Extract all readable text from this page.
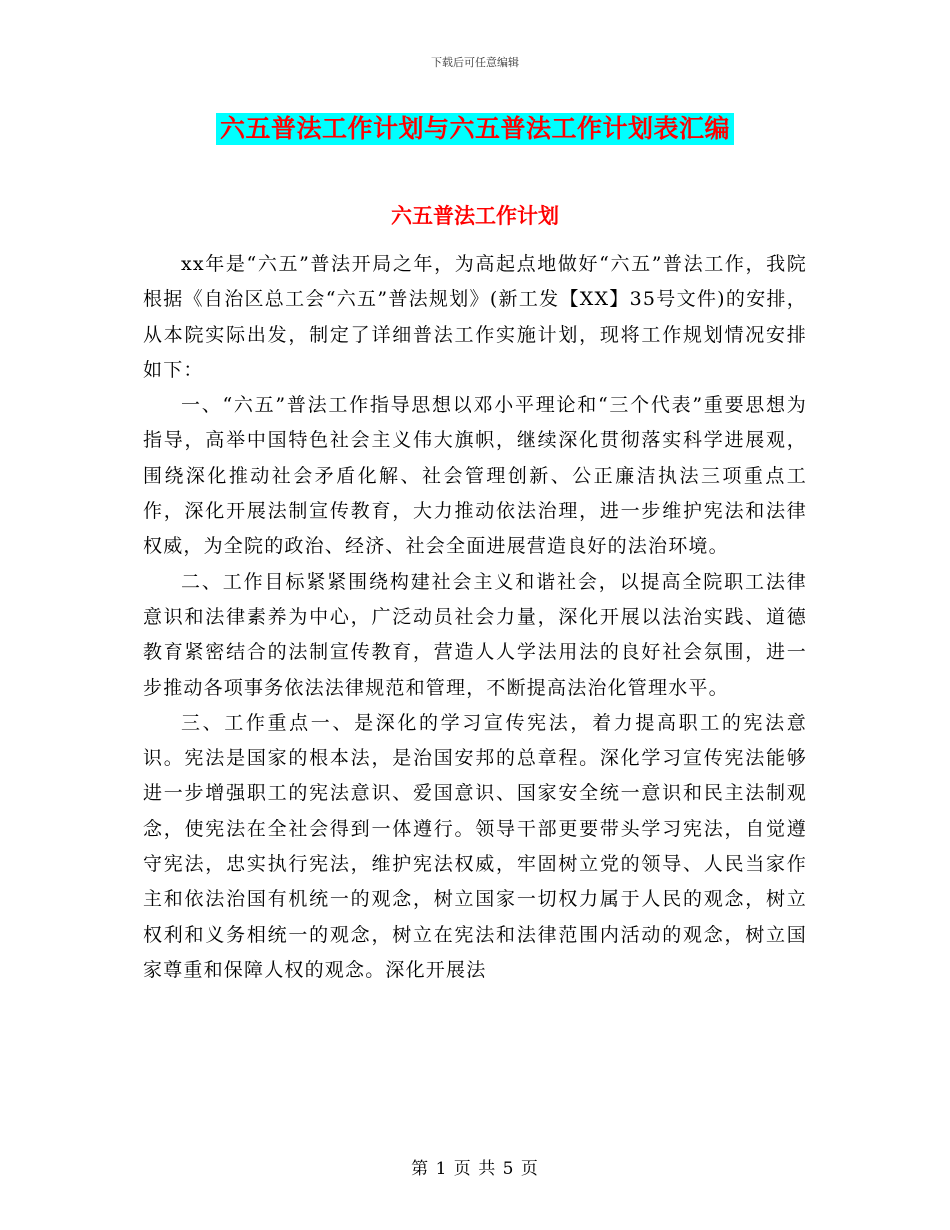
下载后可任意编辑
六五普法工作计划与六五普法工作计划表汇编
六五普法工作计划

xx年是“六五”普法开局之年，为高起点地做好“六五”普法工作，我院根据《自治区总工会“六五”普法规划》(新工发【XX】35号文件)的安排，从本院实际出发，制定了详细普法工作实施计划，现将工作规划情况安排如下：

一、“六五”普法工作指导思想以邓小平理论和“三个代表”重要思想为指导，高举中国特色社会主义伟大旗帜，继续深化贯彻落实科学进展观，围绕深化推动社会矛盾化解、社会管理创新、公正廉洁执法三项重点工作，深化开展法制宣传教育，大力推动依法治理，进一步维护宪法和法律权威，为全院的政治、经济、社会全面进展营造良好的法治环境。

二、工作目标紧紧围绕构建社会主义和谐社会，以提高全院职工法律意识和法律素养为中心，广泛动员社会力量，深化开展以法治实践、道德教育紧密结合的法制宣传教育，营造人人学法用法的良好社会氛围，进一步推动各项事务依法法律规范和管理，不断提高法治化管理水平。

三、工作重点一、是深化的学习宣传宪法，着力提高职工的宪法意识。宪法是国家的根本法，是治国安邦的总章程。深化学习宣传宪法能够进一步增强职工的宪法意识、爱国意识、国家安全统一意识和民主法制观念，使宪法在全社会得到一体遵行。领导干部更要带头学习宪法，自觉遵守宪法，忠实执行宪法，维护宪法权威，牢固树立党的领导、人民当家作主和依法治国有机统一的观念，树立国家一切权力属于人民的观念，树立权利和义务相统一的观念，树立在宪法和法律范围内活动的观念，树立国家尊重和保障人权的观念。深化开展法

第 1 页 共 5 页
